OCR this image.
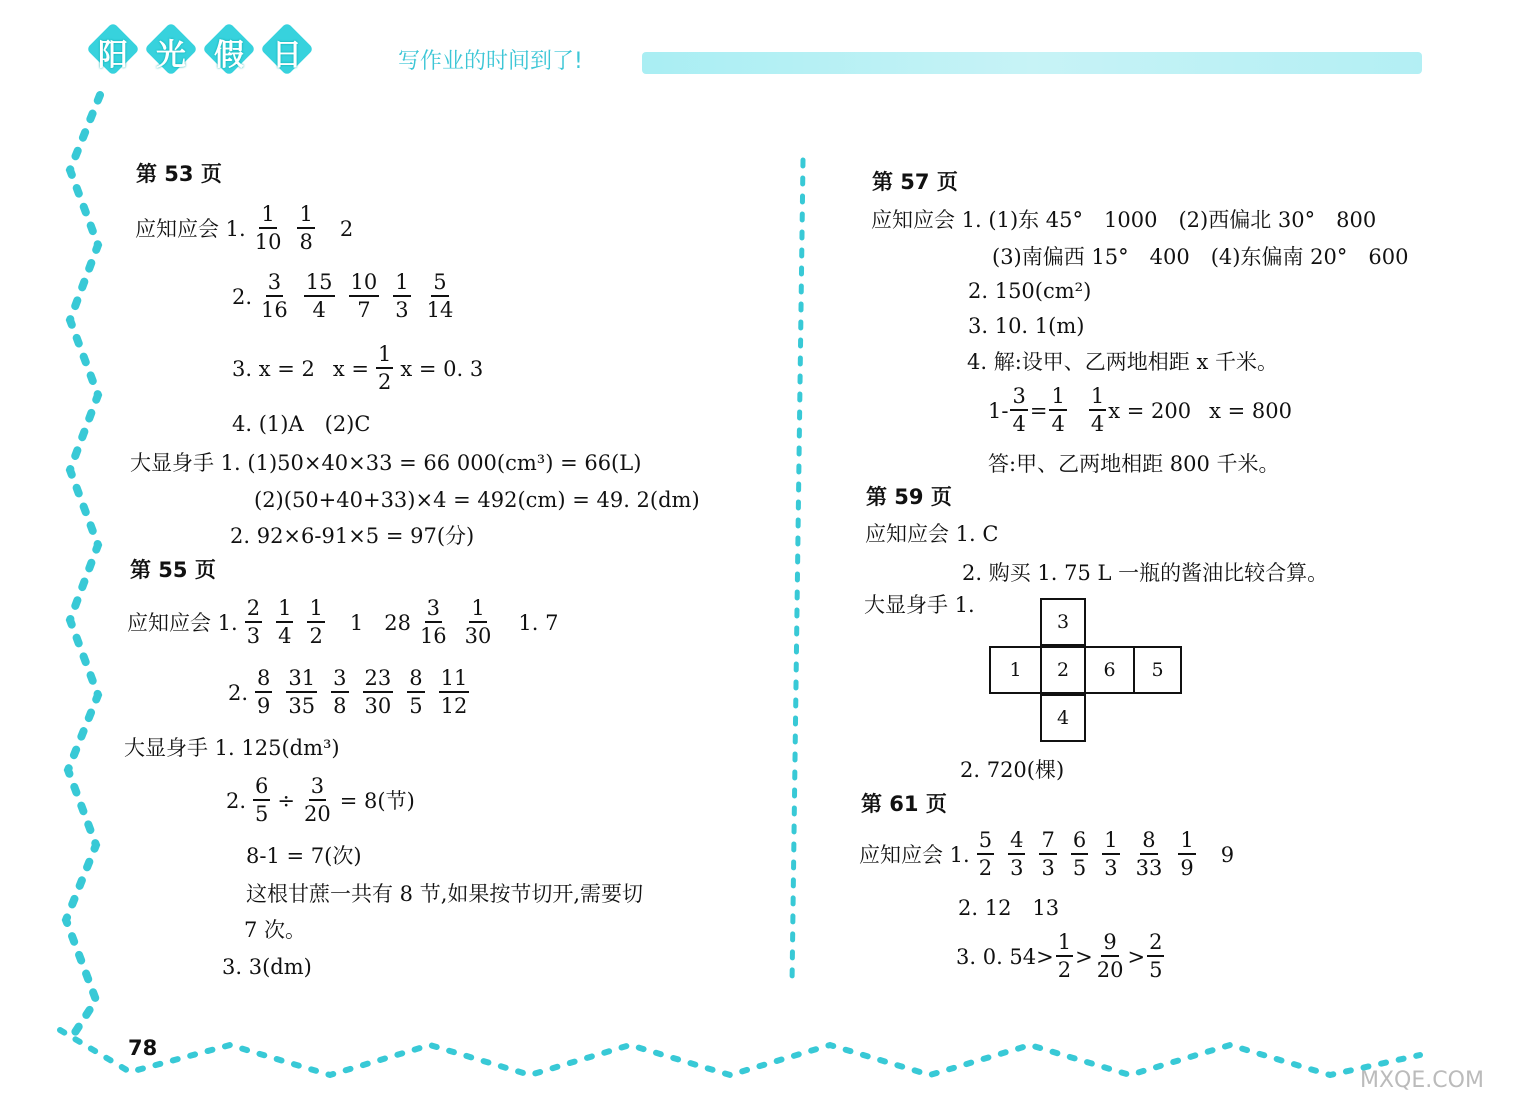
阳 光 假 日	写作业的时间到了!
78
MXQE.COM
第 53 页
应知应会 1. $\frac{1}{10} \frac{1}{8} 2$
2. $\frac{3}{16} \frac{15}{4} \frac{10}{7} \frac{1}{3} \frac{5}{14}$
3. x = 2 $x = \frac{1}{2}$ x = 0. 3
4. (1)A　(2)C
大显身手 1. (1)50×40×33 = 66 000(cm³) = 66(L)
(2)(50+40+33)×4 = 492(cm) = 49. 2(dm)
2. 92×6-91×5 = 97(分)
第 55 页
应知应会 1. $\frac{2}{3} \frac{1}{4} \frac{1}{2} 1$　$28 \frac{3}{16} \frac{1}{30} 1$. 7
2. $\frac{8}{9} \frac{31}{35} \frac{3}{8} \frac{23}{30} \frac{8}{5} \frac{11}{12}$
大显身手 1. 125(dm³)
2. $\frac{6}{5} \div \frac{3}{20} = 8$(节)
8-1 = 7(次)
这根甘蔗一共有 8 节,如果按节切开,需要切
7 次。
3. 3(dm)
第 57 页
应知应会 1. (1)东 45°　1000　(2)西偏北 30°　800
(3)南偏西 15°　400　(4)东偏南 20°　600
2. 150(cm²)
3. 10. 1(m)
4. 解:设甲、乙两地相距 x 千米。
$1- \frac{3}{4} = \frac{1}{4} \frac{1}{4}$ x = 200 x = 800
答:甲、乙两地相距 800 千米。
第 59 页
应知应会 1. C
2. 购买 1. 75 L 一瓶的酱油比较合算。
大显身手 1.
3
1	2	6	5
4
2. 720(棵)
第 61 页
应知应会 1. $\frac{5}{2} \frac{4}{3} \frac{7}{3} \frac{6}{5} \frac{1}{3} \frac{8}{33} \frac{1}{9} 9$
2. 12　13
3. 0. $54> \frac{1}{2} > \frac{9}{20} > \frac{2}{5}$
